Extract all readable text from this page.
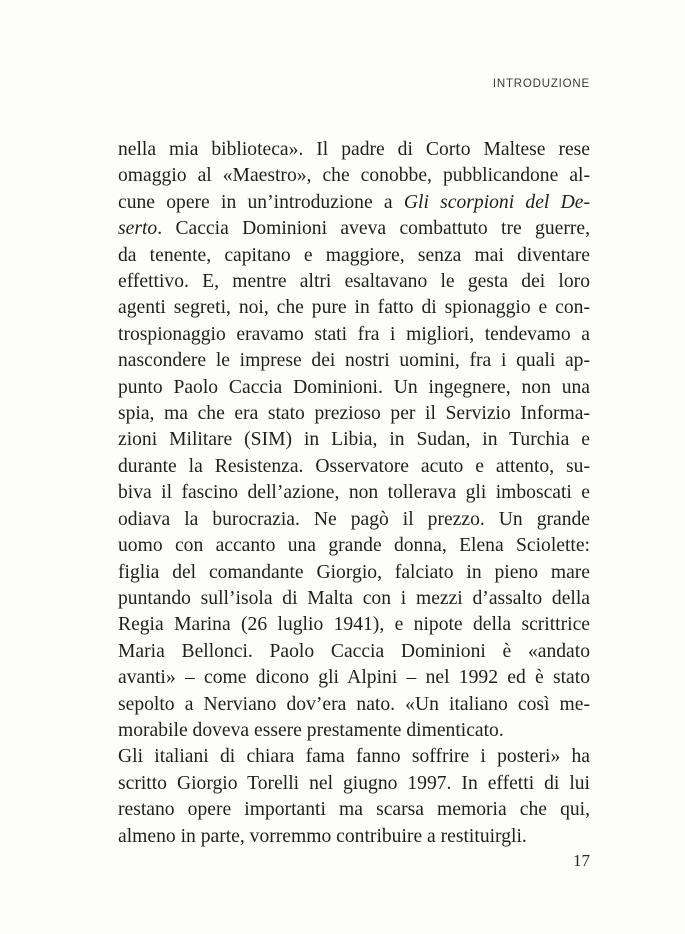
INTRODUZIONE
nella mia biblioteca». Il padre di Corto Maltese rese
omaggio al «Maestro», che conobbe, pubblicandone al-
cune opere in un’introduzione a Gli scorpioni del De-
serto. Caccia Dominioni aveva combattuto tre guerre,
da tenente, capitano e maggiore, senza mai diventare
effettivo. E, mentre altri esaltavano le gesta dei loro
agenti segreti, noi, che pure in fatto di spionaggio e con-
trospionaggio eravamo stati fra i migliori, tendevamo a
nascondere le imprese dei nostri uomini, fra i quali ap-
punto Paolo Caccia Dominioni. Un ingegnere, non una
spia, ma che era stato prezioso per il Servizio Informa-
zioni Militare (SIM) in Libia, in Sudan, in Turchia e
durante la Resistenza. Osservatore acuto e attento, su-
biva il fascino dell’azione, non tollerava gli imboscati e
odiava la burocrazia. Ne pagò il prezzo. Un grande
uomo con accanto una grande donna, Elena Sciolette:
figlia del comandante Giorgio, falciato in pieno mare
puntando sull’isola di Malta con i mezzi d’assalto della
Regia Marina (26 luglio 1941), e nipote della scrittrice
Maria Bellonci. Paolo Caccia Dominioni è «andato
avanti» – come dicono gli Alpini – nel 1992 ed è stato
sepolto a Nerviano dov’era nato. «Un italiano così me-
morabile doveva essere prestamente dimenticato.
Gli italiani di chiara fama fanno soffrire i posteri» ha
scritto Giorgio Torelli nel giugno 1997. In effetti di lui
restano opere importanti ma scarsa memoria che qui,
almeno in parte, vorremmo contribuire a restituirgli.
17
